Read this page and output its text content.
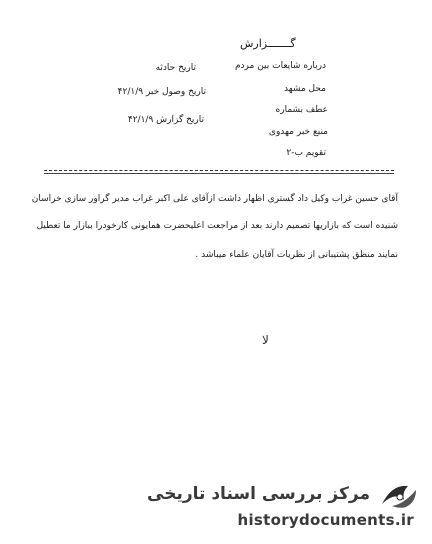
گـــــــزارش
درباره شایعات بین مردم
تاریخ حادثه
محل مشهد
تاریخ وصول خبر ۴۲/۱/۹
عطف بشماره
تاریخ گزارش ۴۲/۱/۹
منبع خبر مهدوی
تقویم ب-۲
آقای حسین غراب وکیل داد گستری اظهار داشت ازآقای علی اکبر غراب مدیر گراور سازی خراسان
شنیده است که بازاریها تصمیم دارند بعد از مراجعت اعلیحضرت همایونی کارخودرا ببازار ما تعطیل
نمایند منظق پشتیبانی از نظریات آقایان علماء میباشد .
لا
مرکز بررسی اسناد تاریخی
historydocuments.ir
